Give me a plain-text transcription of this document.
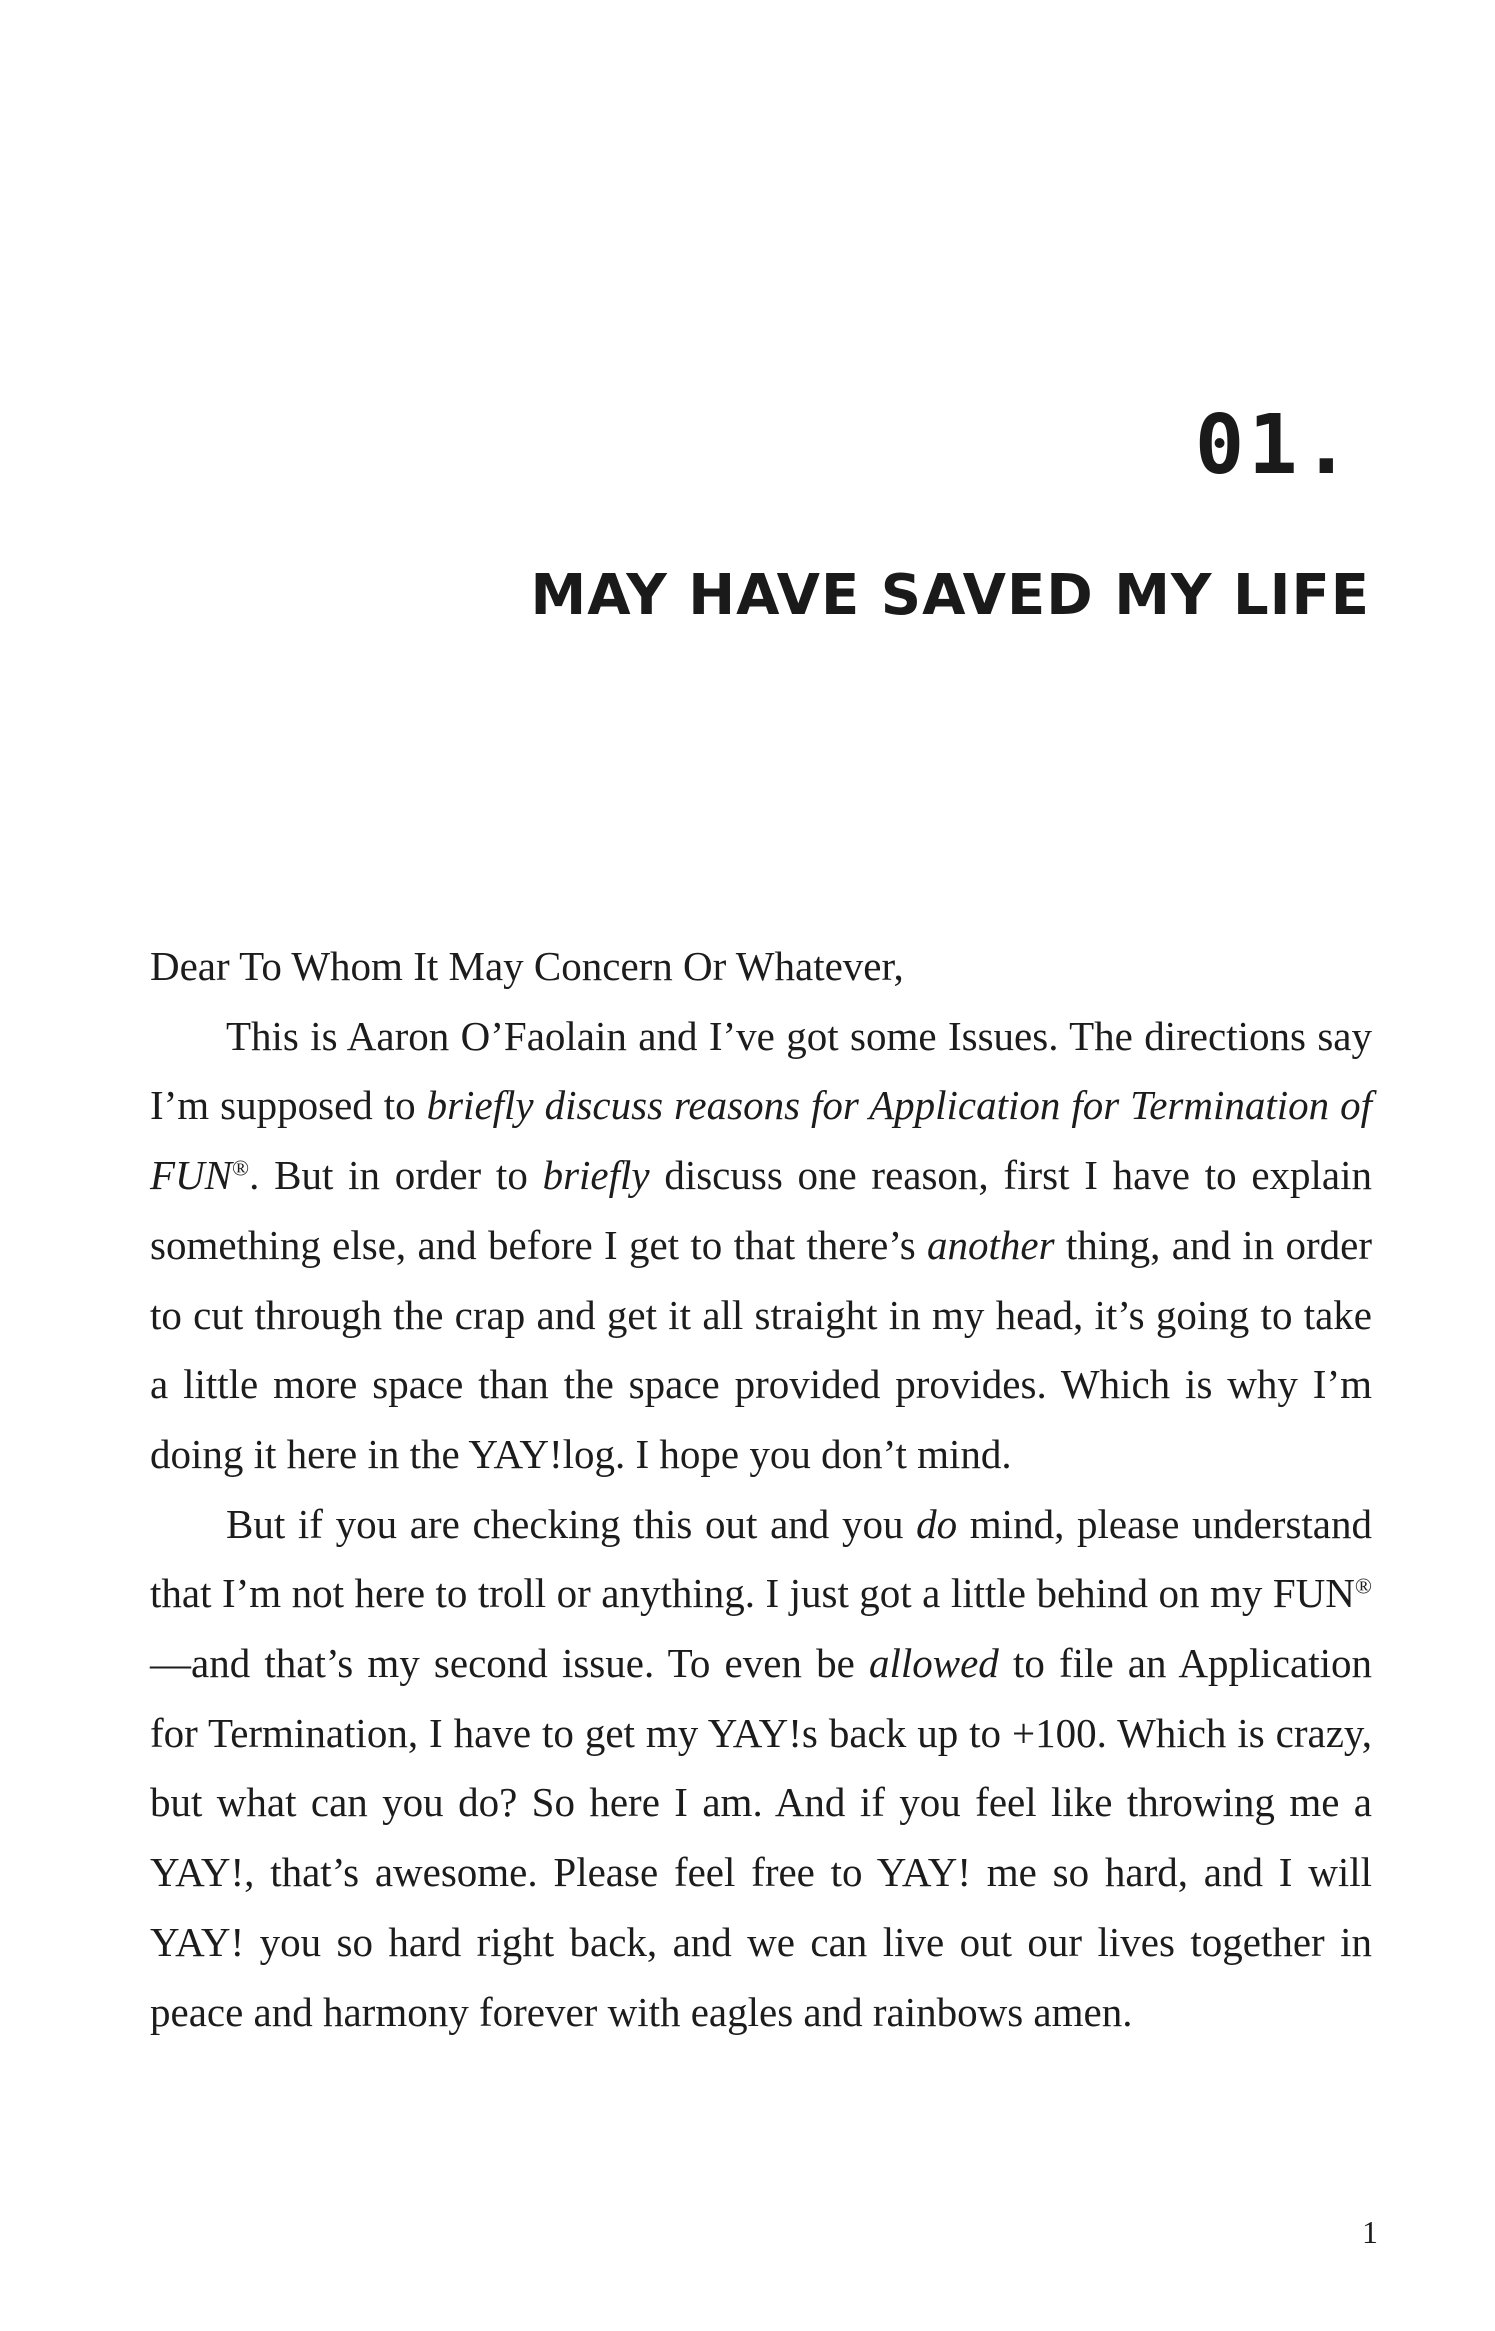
01.
MAY HAVE SAVED MY LIFE

Dear To Whom It May Concern Or Whatever,

This is Aaron O’Faolain and I’ve got some Issues. The directions say I’m supposed to briefly discuss reasons for Application for Termination of FUN®. But in order to briefly discuss one reason, first I have to explain something else, and before I get to that there’s another thing, and in order to cut through the crap and get it all straight in my head, it’s going to take a little more space than the space provided provides. Which is why I’m doing it here in the YAY!log. I hope you don’t mind.

But if you are checking this out and you do mind, please understand that I’m not here to troll or anything. I just got a little behind on my FUN®—and that’s my second issue. To even be allowed to file an Application for Termination, I have to get my YAY!s back up to +100. Which is crazy, but what can you do? So here I am. And if you feel like throwing me a YAY!, that’s awesome. Please feel free to YAY! me so hard, and I will YAY! you so hard right back, and we can live out our lives together in peace and harmony forever with eagles and rainbows amen.

1
